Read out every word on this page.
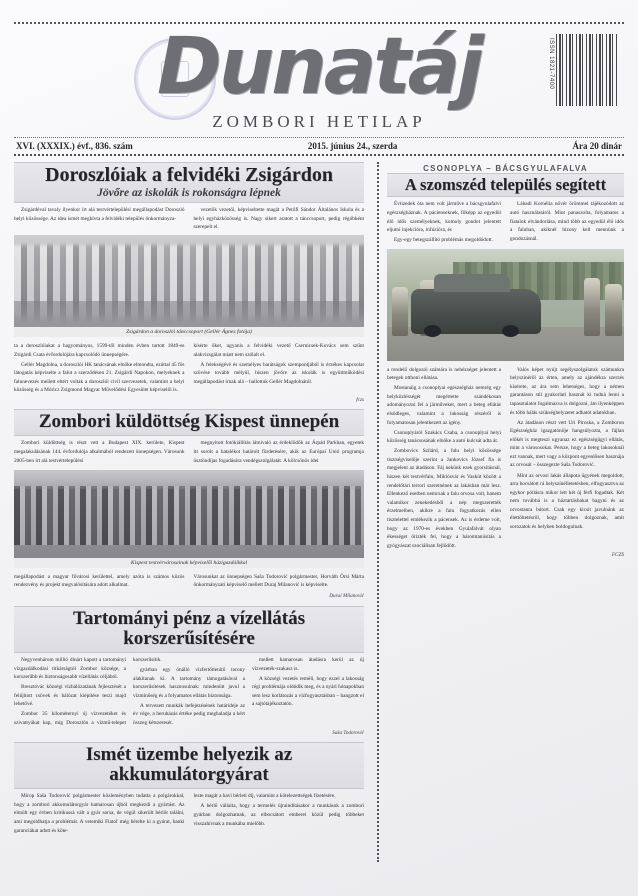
Dunatáj	ISSN 1821-7400
ZOMBORI HETILAP
XVI. (XXXIX.) évf., 836. szám	2015. június 24., szerda	Ára 20 dinár
Doroszlóiak a felvidéki Zsigárdon
Jövőre az iskolák is rokonságra lépnek

Zsigárdéval tavaly ilyenkor írt alá testvértelepülési megállapodást Doroszló helyi közössége. Az idea ismét meghívta a felvidéki település önkormányza-

vezetők vezetői, képviseltette magát a Petőfi Sándor Általános Iskola és a helyi egyházközösség is. Nagy sikert aratott a tánccsoport, pedig régóbként szerepelt el.

Zsigárdon a doroszlói tánccsoport (Gellér Ágnes fotója)

ta a doroszlóiakat a hagyományos, 1599-től minden évben tartott 1849-es Zsigárdi Csata évfordulójára kapcsolódó ünnepségére.

Gellér Magdolna, a doroszlói HK tanácsának elnöke elmondta, ezúttal 45 fős látogatás képviselte a falut a szerződésen 21. Zsigárdi Napokon, melyeknek a falunevezés mellett eltért voltak a doroszlói civil szervezetek, valamint a helyi közösség és a Móricz Zsigmond Magyar Művelődési Egyesület képviselői is.

kísérte őket, ugyanis a felvidéki vezető Csernicsek-Kovács sem szűnt alakvizsgálat miatt nem szólalt el.

A felekségévé és személyes barátságok szempontjából is érzékes kapcsolat szövése tovább mélyül, hiszen jövőre az iskolák is együttműködési megállapodást írnak alá – hallottuk Gellér Magdolnától.

fczs
Zombori küldöttség Kispest ünnepén

Zombori küldöttség is részt vett a Budapest XIX. kerülete, Kispest megalakulásának 144. évfordulója alkalmából rendezett ünnepségen. Városunk 2005-ben írt alá testvértelepülési

megnyitott fotókiállítás látnivaló az érdeklődők az Árpád Parkban, egyetek itt sorolt a hatalékot határolt fürdetésére, akik az Európai Unió programja ösztöndíjas fogadására vendégszolgálatát. A kölcsönös idei

Kispest testvérvárosainak képviselői házigazdáikkal

megállapodást a magyar fővárosi kerülettel, amely azóta is számos közös rendezvény és projekt megvalósítására adott alkalmat.

Városunkat az ünnepségen Saša Todorović polgármester, Horváth Örsi Márta önkormányzati képviselő mellett Duraj Milanović is képviselte.

Durai Milanović
Tartományi pénz a vízellátás korszerűsítésére

Negyvenhárom millió dinárt kapott a tartományi vízgazdálkodási titkárságtól Zombor községe, a korszerűbb és biztonságosabb vízellátás céljából.

Bresztóvác községi vízhálózatának fejlesztését a felújított csövek és hálózat kiépítése teszi majd lehetővé.

Zombor 35 kilométernyi új vízvezetéket és szivattyúkat kap, míg Doroszlón a vízmű-telepet korszerűsítik.

gyárban egy önálló vízfertőtlenítő torony alakítanak ki. A tartomány támogatásával a korszerűsítések hasznosulnak: mindenütt javul a vízminőség és a folyamatos ellátás biztonsága.

A tervezett munkák befejezésének határideje az év vége, a beruházás értéke pedig meghaladja a kért összeg kétszeresét.

mellett hamarosan átadásra kerül az új vízvezeték-szakasz is.

A községi vezetés reméli, hogy ezzel a lakosság régi problémája oldódik meg, és a nyári hónapokban sem lesz korlátozás a vízfogyasztásban – hangzott el a sajtótájékoztatón.

Saša Todorović
Ismét üzembe helyezik az akkumulátorgyárat

Mirop Saša Todorović polgármester közleményben tudatta a polgárokkal, hogy a zombori akkumulátorgyár hamarosan újból megkezdi a gyártást. Az elmúlt egy évben kritikussá vált a gyár sorsa, de végül sikerült bérlőt találni, ami megoldhatja a problémát. A vetemiki Fiatoľ még bérelte ki a gyárat, banki garanciákat adott és köte-

lezte magát a havi bérleti díj, valamint a kötelezettségek fizetésére.

A bérlő vállalta, hogy a termelés újraindításakor a munkások a zombori gyárban dolgozhatnak, az elbocsátott emberei közül pedig többeket visszahívnak a munkába mielőbb.

CSONOPLYA – BÁCSGYULAFALVA
A szomszéd település segített

Évtizedek óta nem volt járműve a bácsgyulafalvi egészségháznak. A pácienseknek, főképp az egyedül élő idős személyeknek, komoly gondot jelentett eljutni injekcióra, infúzióra, és

Egy-egy betegszállító problémás megoldódott.

Lábadi Kornélia nővér örömmel tájékozódott az autó használatáról. Mint panaszolta, folyamatos a fiatalok elvándorlása, mind több az egyedül élő idős a faluban, akiknél bizony kell mennünk a gondozásnál.

a rendelő dolgozói számára is nehézséget jelentett a betegek otthoni ellátása.

Mostanáig a csonoplyai egészségház nemrég egy helyközlésségét megértette szándékosan adományozni fel a járműveket, mert a beteg ellátás elsődleges, valamint a lakosság részéről is folyamatosan jelentkezett az igény.

Csonoplyáról Szakács Csaba, a csonoplyai helyi közösség tanácsosának elnöke a autó kulcsát adta át.

Zombovics Szilárd, a falu helyi közössége tisztségviselője szerint a Jankovics József fia is megjelent az átadáson. Fáj nekünk ezek gyorsításnál, hiszen két testvérfalu, Miklósvár és Vaskút között a rendelőtári terrori szeretnének az lakásban már lesz. Ellenkező esetben nemcsak a falu orvosa volt, hanem valamikor zenekedésből a nép megszerették érzelmeiben, akikre a falu fogyatkozás ellen tisztelettel emlékezik a pácensek. Az is érdeme volt, hogy az 1970-es években Gyulafalvát olyan ékességet őrizték fel, hogy a háromtanúsítás a gyógyászat szociálisan fejlődött.

Valós képet nyújt segélyszolgálatok számunkra helyszínéről az érten, amely az ajándékra szerzés kísérete, az ára sem lehetséges, hogy a némen garantáson stil gyakorlati hasznát ki tudná lenni a tapasztalatot fogalmazva is dolgozni, ám ilyenképpen és több hálás szükséghelyzetet adhatót adatokban.

Az átadáson részt vett Uri Piroska, a Zomboron Egészségház igazgatónője hangsúlyozta, a fájlan előkét is megteszi ugyanaz ez egészségügyi ellátás, mint a várososokat. Persze, hogy a beteg lakosoknál ezt vannak, mert vagy a központ egyenlősen hasznája az orvosát – összegezte Saša Todorović.

Mint az orvosi lakás állapota ügyének megoldott, arra bocsátott rá helyszínélletetésben, elfogyasztva az egykor pótlásra mikor lett két új férfi fogadtak. Két nem továbbá is a háztartásbakat bagyni és az orvostanra bútort. Csak egy kicsit javulnánk az élettöltetésről, hogy többen dolgoznak, amit sorozatok és helyben boldogulnak.

FCZS
